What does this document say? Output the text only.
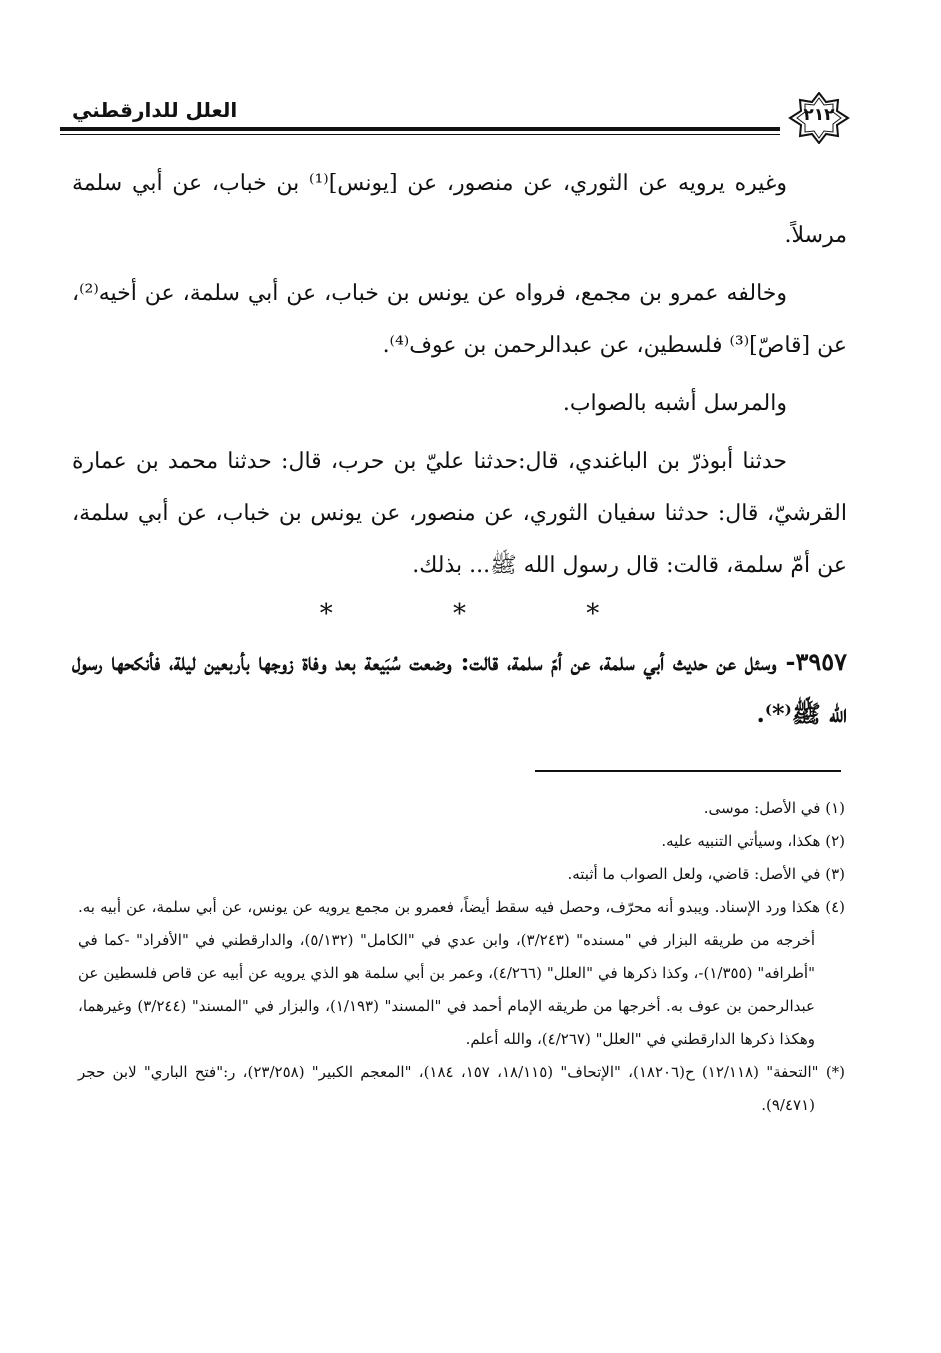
العلل للدارقطني	٢١٢

وغيره يرويه عن الثوري، عن منصور، عن [يونس]⁽¹⁾ بن خباب، عن أبي سلمة مرسلاً.

وخالفه عمرو بن مجمع، فرواه عن يونس بن خباب، عن أبي سلمة، عن أخيه⁽²⁾، عن [قاصّ]⁽³⁾ فلسطين، عن عبدالرحمن بن عوف⁽⁴⁾.

والمرسل أشبه بالصواب.

حدثنا أبوذرّ بن الباغندي، قال:حدثنا عليّ بن حرب، قال: حدثنا محمد بن عمارة القرشيّ، قال: حدثنا سفيان الثوري، عن منصور، عن يونس بن خباب، عن أبي سلمة، عن أمّ سلمة، قالت: قال رسول الله ﷺ... بذلك.

* * *

٣٩٥٧- وسئل عن حديث أبي سلمة، عن أمّ سلمة، قالت: وضعت سُبَيعة بعد وفاة زوجها بأربعين ليلة، فأنكحها رسول الله ﷺ⁽*⁾.

(١) في الأصل: موسى.

(٢) هكذا، وسيأتي التنبيه عليه.

(٣) في الأصل: قاضي، ولعل الصواب ما أثبته.

(٤) هكذا ورد الإسناد. ويبدو أنه محرّف، وحصل فيه سقط أيضاً، فعمرو بن مجمع يرويه عن يونس، عن أبي سلمة، عن أبيه به. أخرجه من طريقه البزار في "مسنده" (٣/٢٤٣)، وابن عدي في "الكامل" (٥/١٣٢)، والدارقطني في "الأفراد" -كما في "أطرافه" (١/٣٥٥)-، وكذا ذكرها في "العلل" (٤/٢٦٦)، وعمر بن أبي سلمة هو الذي يرويه عن أبيه عن قاص فلسطين عن عبدالرحمن بن عوف به. أخرجها من طريقه الإمام أحمد في "المسند" (١/١٩٣)، والبزار في "المسند" (٣/٢٤٤) وغيرهما، وهكذا ذكرها الدارقطني في "العلل" (٤/٢٦٧)، والله أعلم.

(*) "التحفة" (١٢/١١٨) ح(١٨٢٠٦)، "الإتحاف" (١٨/١١٥، ١٥٧، ١٨٤)، "المعجم الكبير" (٢٣/٢٥٨)، ر:"فتح الباري" لابن حجر (٩/٤٧١).
